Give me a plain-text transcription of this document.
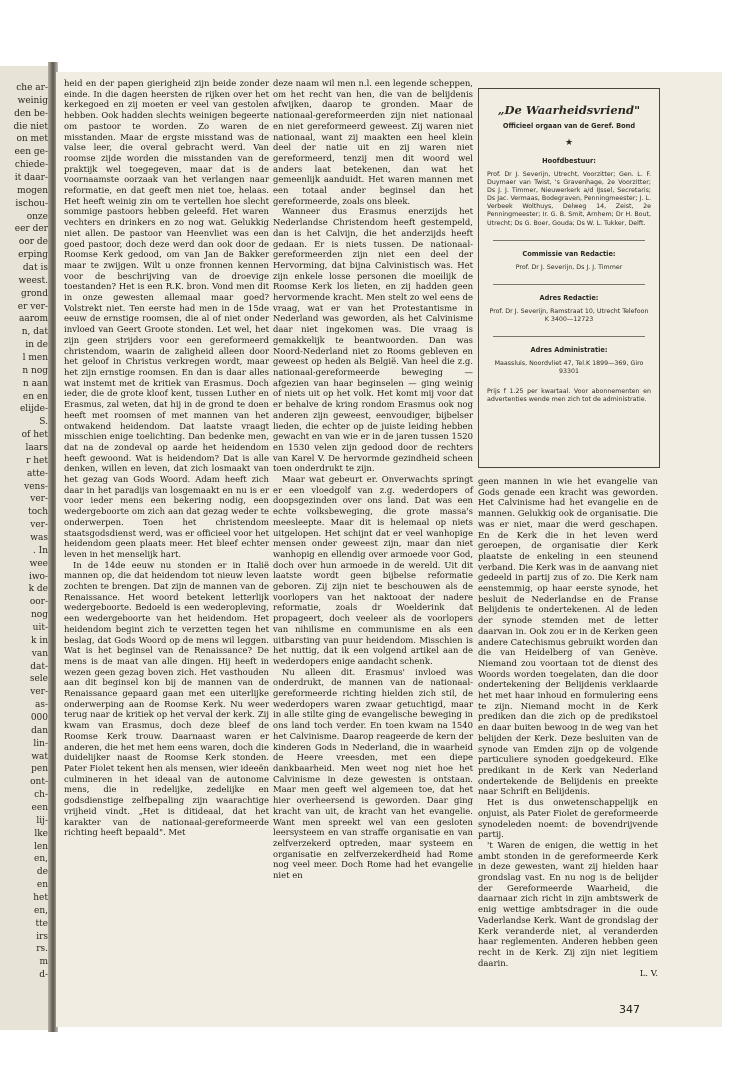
che ar-
weinig
den be-
die niet
on met
een ge-
chiede-
it daar-
mogen
ischou-
onze
eer der
oor de
erping
dat is
weest.
grond
er ver-
aarom
n, dat
in de
l men
n nog
n aan
en en
elijde-
S.
of het
laars
r het
atte-
vens-
ver-
toch
ver-
was
. In
wee
iwo-
k de
oor-
nog
uit-
k in
van
dat-
sele
ver-
as-
000
dan
lin-
wat
pen
ont-
ch-
een
lij-
lke
len
en,
de
en
het
en,
tte
irs
rs.
m
d-

heid en der papen gierigheid zijn beide zonder einde. In die dagen heersten de rijken over het kerkegoed en zij moeten er veel van gestolen hebben. Ook hadden slechts weinigen begeerte om pastoor te worden. Zo waren de misstanden. Maar de ergste misstand was de valse leer, die overal gebracht werd. Van roomse zijde worden die misstanden van de praktijk wel toegegeven, maar dat is de voornaamste oorzaak van het verlangen naar reformatie, en dat geeft men niet toe, helaas. Het heeft weinig zin om te vertellen hoe slecht sommige pastoors hebben geleefd. Het waren vechters en drinkers en zo nog wat. Gelukkig niet allen. De pastoor van Heenvliet was een goed pastoor, doch deze werd dan ook door de Roomse Kerk gedood, om van Jan de Bakker maar te zwijgen. Wilt u onze fronnen kennen voor de beschrijving van de droevige toestanden? Het is een R.K. bron. Vond men dit in onze gewesten allemaal maar goed? Volstrekt niet. Ten eerste had men in de 15de eeuw de ernstige roomsen, die al of niet onder invloed van Geert Groote stonden. Let wel, het zijn geen strijders voor een gereformeerd christendom, waarin de zaligheid alleen door het geloof in Christus verkregen wordt, maar het zijn ernstige roomsen. En dan is daar alles wat instemt met de kritiek van Erasmus. Doch ieder, die de grote kloof kent, tussen Luther en Erasmus, zal weten, dat hij in de grond te doen heeft met roomsen of met mannen van het ontwakend heidendom. Dat laatste vraagt misschien enige toelichting. Dan bedenke men, dat na de zondeval op aarde het heidendom heeft gewoond. Wat is heidendom? Dat is alle denken, willen en leven, dat zich losmaakt van het gezag van Gods Woord. Adam heeft zich daar in het paradijs van losgemaakt en nu is er voor ieder mens een bekering nodig, een wedergeboorte om zich aan dat gezag weder te onderwerpen. Toen het christendom staatsgodsdienst werd, was er officieel voor het heidendom geen plaats meer. Het bleef echter leven in het menselijk hart.

In de 14de eeuw nu stonden er in Italië mannen op, die dat heidendom tot nieuw leven zochten te brengen. Dat zijn de mannen van de Renaissance. Het woord betekent letterlijk wedergeboorte. Bedoeld is een wederopleving, een wedergeboorte van het heidendom. Het heidendom begint zich te verzetten tegen het beslag, dat Gods Woord op de mens wil leggen. Wat is het beginsel van de Renaissance? De mens is de maat van alle dingen. Hij heeft in wezen geen gezag boven zich. Het vasthouden aan dit beginsel kon bij de mannen van de Renaissance gepaard gaan met een uiterlijke onderwerping aan de Roomse Kerk. Nu weer terug naar de kritiek op het verval der kerk. Zij kwam van Erasmus, doch deze bleef de Roomse Kerk trouw. Daarnaast waren er anderen, die het met hem eens waren, doch die duidelijker naast de Roomse Kerk stonden. Pater Fiolet tekent hen als mensen, wier ideeën culmineren in het ideaal van de autonome mens, die in redelijke, zedelijke en godsdienstige zelfbepaling zijn waarachtige vrijheid vindt. „Het is ditideaal, dat het karakter van de nationaal-gereformeerde richting heeft bepaald". Met

deze naam wil men n.l. een legende scheppen, om het recht van hen, die van de belijdenis afwijken, daarop te gronden. Maar de nationaal-gereformeerden zijn niet nationaal en niet gereformeerd geweest. Zij waren niet nationaal, want zij maakten een heel klein deel der natie uit en zij waren niet gereformeerd, tenzij men dit woord wel anders laat betekenen, dan wat het gemeenlijk aanduidt. Het waren mannen met een totaal ander beginsel dan het gereformeerde, zoals ons bleek.

Wanneer dus Erasmus enerzijds het Nederlandse Christendom heeft gestempeld, dan is het Calvijn, die het anderzijds heeft gedaan. Er is niets tussen. De nationaal-gereformeerden zijn niet een deel der Hervorming, dat bijna Calvinistisch was. Het zijn enkele losse personen die moeilijk de Roomse Kerk los lieten, en zij hadden geen hervormende kracht. Men stelt zo wel eens de vraag, wat er van het Protestantisme in Nederland was geworden, als het Calvinisme daar niet ingekomen was. Die vraag is gemakkelijk te beantwoorden. Dan was Noord-Nederland niet zo Rooms gebleven en geweest op heden als België. Van heel die z.g. nationaal-gereformeerde beweging — afgezien van haar beginselen — ging weinig of niets uit op het volk. Het komt mij voor dat er behalve de kring rondom Erasmus ook nog anderen zijn geweest, eenvoudiger, bijbelser lieden, die echter op de juiste leiding hebben gewacht en van wie er in de jaren tussen 1520 en 1530 velen zijn gedood door de rechters van Karel V. De hervormde gezindheid scheen toen onderdrukt te zijn.

Maar wat gebeurt er. Onverwachts springt er een vloedgolf van z.g. wederdopers of doopsgezinden over ons land. Dat was een echte volksbeweging, die grote massa's meesleepte. Maar dit is helemaal op niets uitgelopen. Het schijnt dat er veel wanhopige mensen onder geweest zijn, maar dan niet wanhopig en ellendig over armoede voor God, doch over hun armoede in de wereld. Uit dit laatste wordt geen bijbelse reformatie geboren. Zij zijn niet te beschouwen als de voorlopers van het naktooat der nadere reformatie, zoals dr Woelderink dat propageert, doch veeleer als de voorlopers van nihilisme en communisme en als een uitbarsting van puur heidendom. Misschien is het nuttig, dat ik een volgend artikel aan de wederdopers enige aandacht schenk.

Nu alleen dit. Erasmus' invloed was onderdrukt, de mannen van de nationaal-gereformeerde richting hielden zich stil, de wederdopers waren zwaar getuchtigd, maar in alle stilte ging de evangelische beweging in ons land toch verder. En toen kwam na 1540 het Calvinisme. Daarop reageerde de kern der kinderen Gods in Nederland, die in waarheid de Heere vreesden, met een diepe dankbaarheid. Men weet nog niet hoe het Calvinisme in deze gewesten is ontstaan. Maar men geeft wel algemeen toe, dat het hier overheersend is geworden. Daar ging kracht van uit, de kracht van het evangelie. Want men spreekt wel van een gesloten leersysteem en van straffe organisatie en van zelfverzekerd optreden, maar systeem en organisatie en zelfverzekerdheid had Rome nog veel meer. Doch Rome had het evangelie niet en

„De Waarheidsvriend"
Officieel orgaan van de Geref. Bond
★
Hoofdbestuur:
Prof. Dr J. Severijn, Utrecht, Voorzitter; Gen. L. F. Duymaer van Twist, 's Gravenhage, 2e Voorzitter; Ds J. J. Timmer, Nieuwerkerk a/d IJssel, Secretaris; Ds Jac. Vermaas, Bodegraven, Penningmeester; J. L. Verbeek Wolthuys, Delweg 14, Zeist, 2e Penningmeester; Ir. G. B. Smit, Arnhem; Dr H. Bout, Utrecht; Ds G. Boer, Gouda; Ds W. L. Tukker, Delft.
Commissie van Redactie:
Prof. Dr J. Severijn, Ds J. J. Timmer
Adres Redactie:
Prof. Dr J. Severijn, Ramstraat 10, Utrecht Telefoon K 3400—12723
Adres Administratie:
Maassluis, Noordvliet 47, Tel.K 1899—369, Giro 93301
Prijs f 1.25 per kwartaal. Voor abonnementen en advertenties wende men zich tot de administratie.

geen mannen in wie het evangelie van Gods genade een kracht was geworden. Het Calvinisme had het evangelie en de mannen. Gelukkig ook de organisatie. Die was er niet, maar die werd geschapen. En de Kerk die in het leven werd geroepen, de organisatie dier Kerk plaatste de enkeling in een steunend verband. Die Kerk was in de aanvang niet gedeeld in partij zus of zo. Die Kerk nam eenstemmig, op haar eerste synode, het besluit de Nederlandse en de Franse Belijdenis te ondertekenen. Al de leden der synode stemden met de letter daarvan in. Ook zou er in de Kerken geen andere Catechismus gebruikt worden dan die van Heidelberg of van Genève. Niemand zou voortaan tot de dienst des Woords worden toegelaten, dan die door ondertekening der Belijdenis verklaarde het met haar inhoud en formulering eens te zijn. Niemand mocht in de Kerk prediken dan die zich op de predikstoel en daar buiten bewoog in de weg van het belijden der Kerk. Deze besluiten van de synode van Emden zijn op de volgende particuliere synoden goedgekeurd. Elke predikant in de Kerk van Nederland ondertekende de Belijdenis en preekte naar Schrift en Belijdenis.

Het is dus onwetenschappelijk en onjuist, als Pater Fiolet de gereformeerde synodeleden noemt: de bovendrijvende partij.

't Waren de enigen, die wettig in het ambt stonden in de gereformeerde Kerk in deze gewesten, want zij hielden haar grondslag vast. En nu nog is de belijder der Gereformeerde Waarheid, die daarnaar zich richt in zijn ambtswerk de enig wettige ambtsdrager in die oude Vaderlandse Kerk. Want de grondslag der Kerk veranderde niet, al veranderden haar reglementen. Anderen hebben geen recht in de Kerk. Zij zijn niet legitiem daarin.

L. V.
347
